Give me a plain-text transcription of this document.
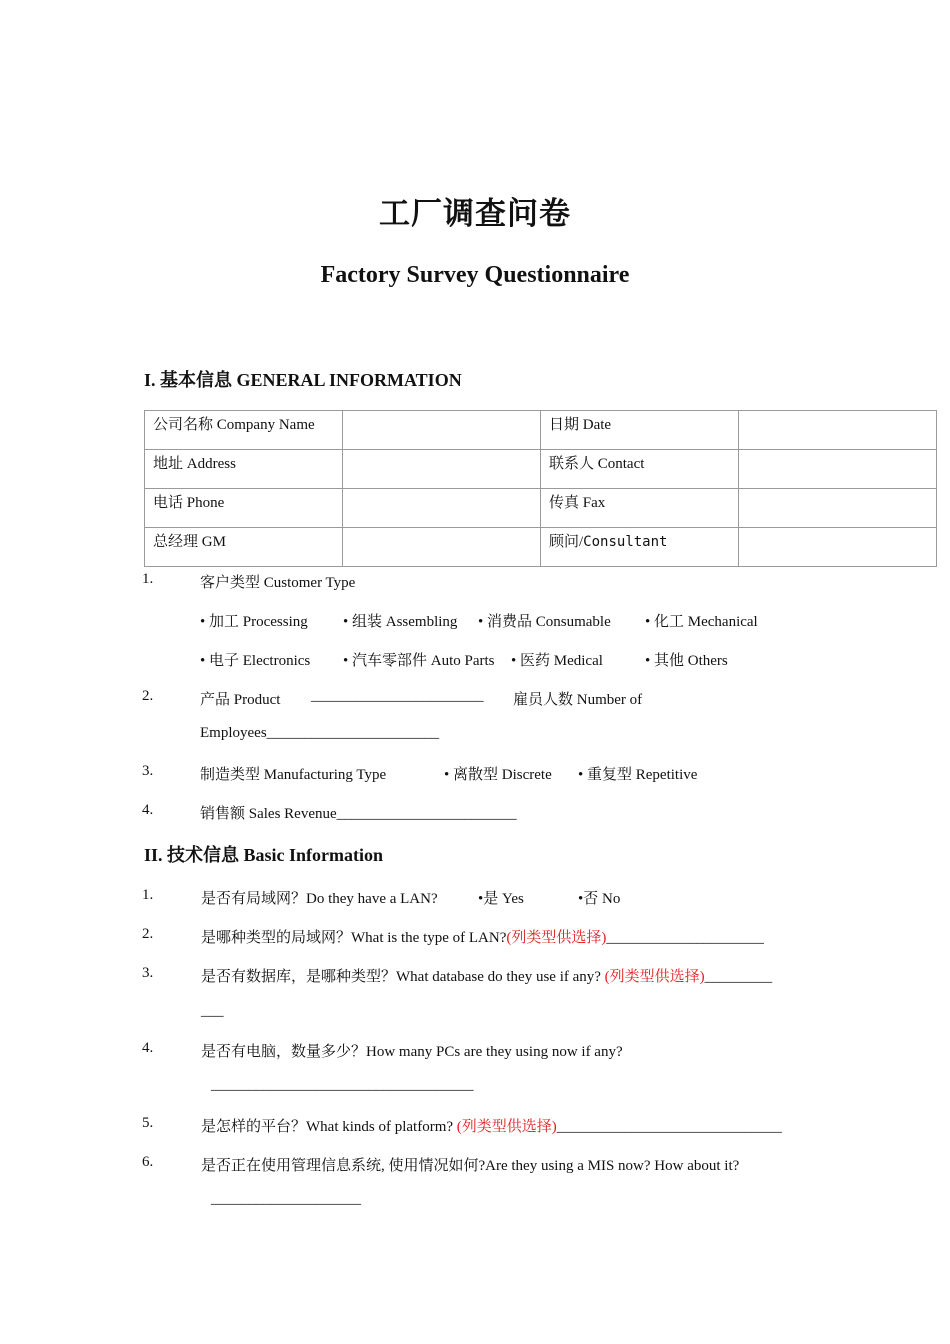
工厂调查问卷
Factory Survey Questionnaire
I. 基本信息 GENERAL INFORMATION
公司名称 Company Name		日期 Date	
地址 Address		联系人 Contact	
电话 Phone		传真 Fax	
总经理 GM		顾问/Consultant	
1.	客户类型 Customer Type
• 加工 Processing • 组装 Assembling • 消费品 Consumable • 化工 Mechanical
• 电子 Electronics • 汽车零部件 Auto Parts • 医药 Medical	• 其他 Others
2.	产品 Product _______________________ 雇员人数 Number of
Employees_______________________
3.	制造类型 Manufacturing Type	• 离散型 Discrete • 重复型 Repetitive
4.	销售额 Sales Revenue________________________
II. 技术信息 Basic Information
1.	是否有局域网？Do they have a LAN?	•是 Yes	•否 No
2.	是哪种类型的局域网？What is the type of LAN?(列类型供选择)_____________________
3.	是否有数据库，是哪种类型？What database do they use if any? (列类型供选择)_________
___
4.	是否有电脑，数量多少？How many PCs are they using now if any?
___________________________________
5.	是怎样的平台？What kinds of platform? (列类型供选择)______________________________
6.	是否正在使用管理信息系统, 使用情况如何?Are they using a MIS now? How about it?
____________________
